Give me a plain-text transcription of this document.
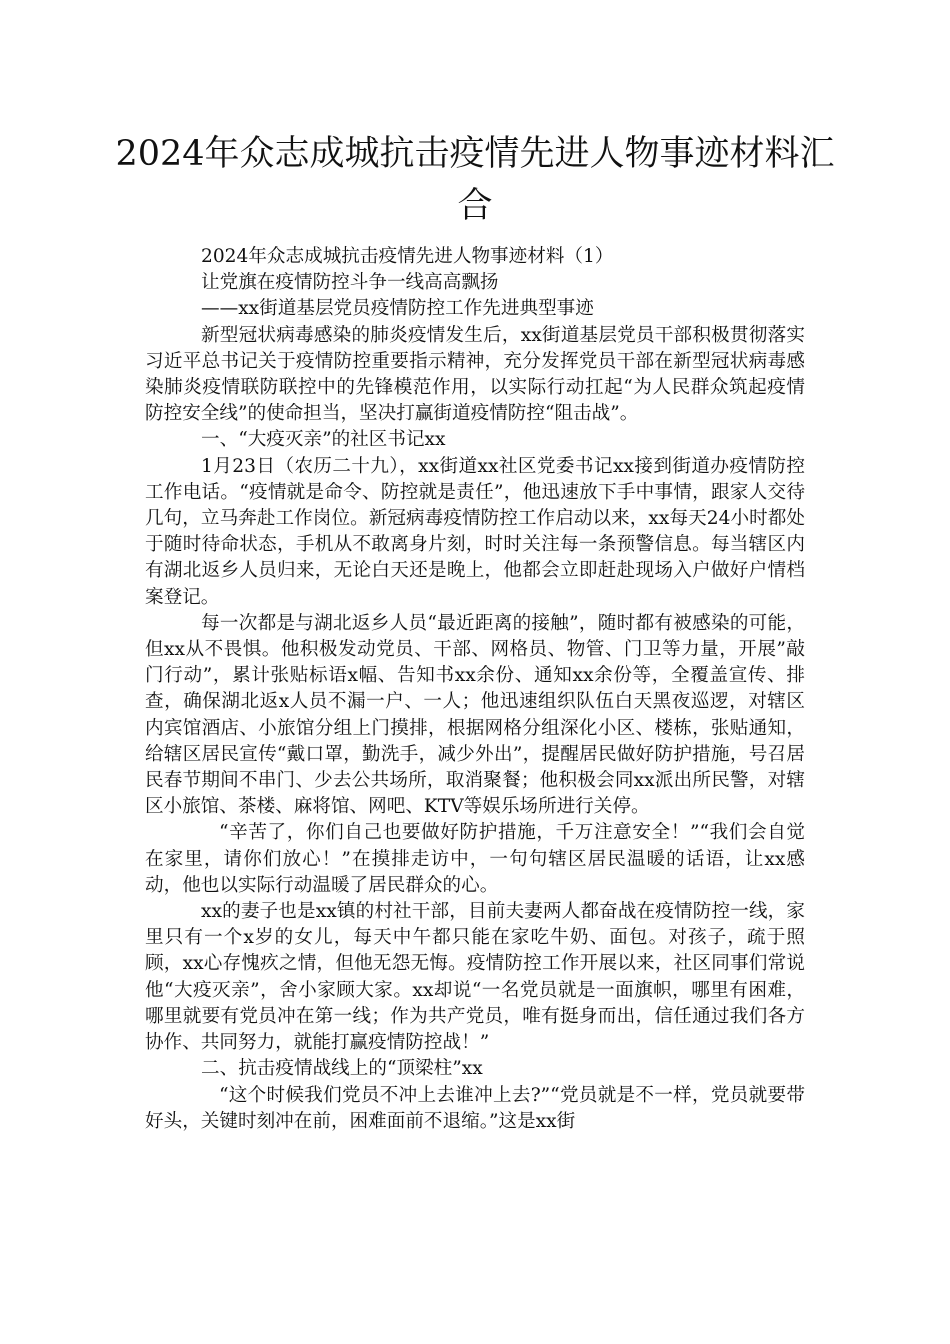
2024年众志成城抗击疫情先进人物事迹材料汇合

2024年众志成城抗击疫情先进人物事迹材料（1）

让党旗在疫情防控斗争一线高高飘扬

——xx街道基层党员疫情防控工作先进典型事迹

新型冠状病毒感染的肺炎疫情发生后，xx街道基层党员干部积极贯彻落实习近平总书记关于疫情防控重要指示精神，充分发挥党员干部在新型冠状病毒感染肺炎疫情联防联控中的先锋模范作用，以实际行动扛起“为人民群众筑起疫情防控安全线”的使命担当，坚决打赢街道疫情防控“阻击战”。

一、“大疫灭亲”的社区书记xx

1月23日（农历二十九），xx街道xx社区党委书记xx接到街道办疫情防控工作电话。“疫情就是命令、防控就是责任”，他迅速放下手中事情，跟家人交待几句，立马奔赴工作岗位。新冠病毒疫情防控工作启动以来，xx每天24小时都处于随时待命状态，手机从不敢离身片刻，时时关注每一条预警信息。每当辖区内有湖北返乡人员归来，无论白天还是晚上，他都会立即赶赴现场入户做好户情档案登记。

每一次都是与湖北返乡人员“最近距离的接触”，随时都有被感染的可能，但xx从不畏惧。他积极发动党员、干部、网格员、物管、门卫等力量，开展”敲门行动”，累计张贴标语x幅、告知书xx余份、通知xx余份等，全覆盖宣传、排查，确保湖北返x人员不漏一户、一人；他迅速组织队伍白天黑夜巡逻，对辖区内宾馆酒店、小旅馆分组上门摸排，根据网格分组深化小区、楼栋，张贴通知，给辖区居民宣传“戴口罩，勤洗手，减少外出”，提醒居民做好防护措施，号召居民春节期间不串门、少去公共场所，取消聚餐；他积极会同xx派出所民警，对辖区小旅馆、茶楼、麻将馆、网吧、KTV等娱乐场所进行关停。

“辛苦了，你们自己也要做好防护措施，千万注意安全！”“我们会自觉在家里，请你们放心！”在摸排走访中，一句句辖区居民温暖的话语，让xx感动，他也以实际行动温暖了居民群众的心。

xx的妻子也是xx镇的村社干部，目前夫妻两人都奋战在疫情防控一线，家里只有一个x岁的女儿，每天中午都只能在家吃牛奶、面包。对孩子，疏于照顾，xx心存愧疚之情，但他无怨无悔。疫情防控工作开展以来，社区同事们常说他“大疫灭亲”，舍小家顾大家。xx却说“一名党员就是一面旗帜，哪里有困难，哪里就要有党员冲在第一线；作为共产党员，唯有挺身而出，信任通过我们各方协作、共同努力，就能打赢疫情防控战！”

二、抗击疫情战线上的“顶梁柱”xx

“这个时候我们党员不冲上去谁冲上去?”“党员就是不一样，党员就要带好头，关键时刻冲在前，困难面前不退缩。”这是xx街
